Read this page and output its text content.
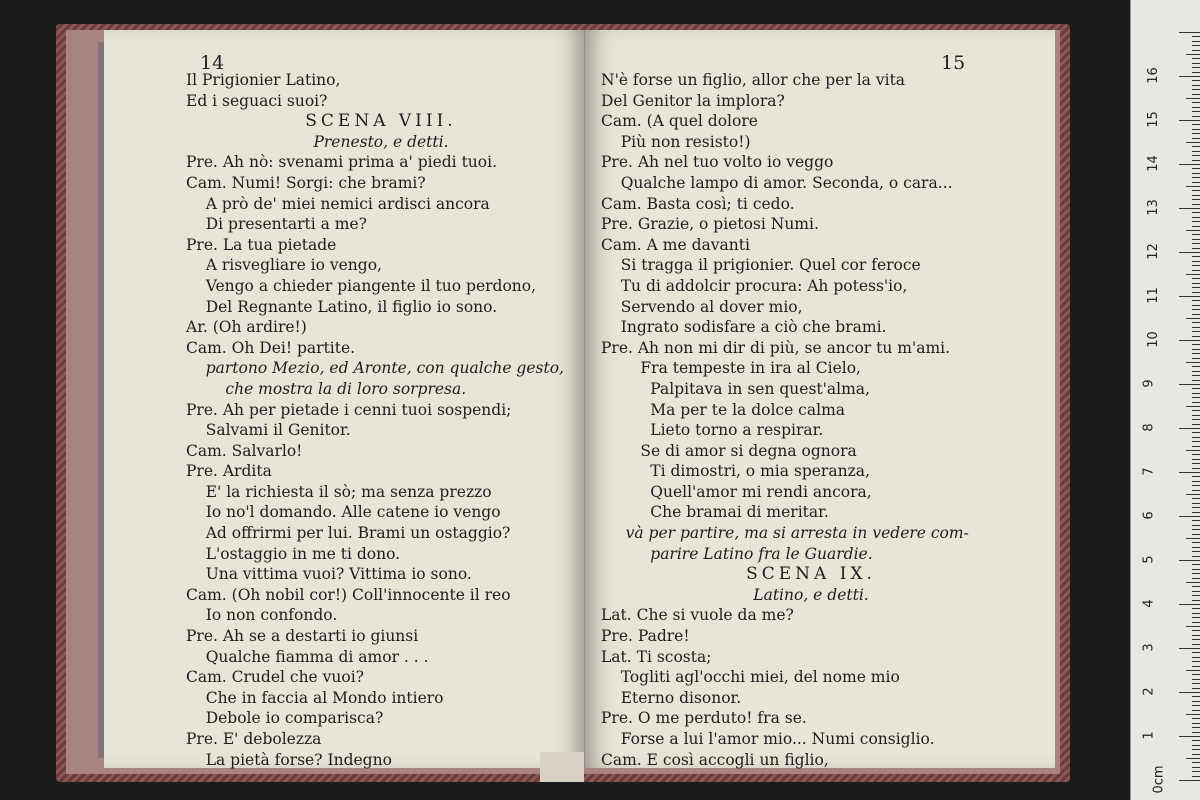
14
Il Prigionier Latino,
Ed i seguaci suoi?
SCENA VIII.
Prenesto, e detti.
Pre. Ah nò: svenami prima a' piedi tuoi.
Cam. Numi! Sorgi: che brami?
A prò de' miei nemici ardisci ancora
Di presentarti a me?
Pre. La tua pietade
A risvegliare io vengo,
Vengo a chieder piangente il tuo perdono,
Del Regnante Latino, il figlio io sono.
Ar. (Oh ardire!)
Cam. Oh Dei! partite.
partono Mezio, ed Aronte, con qualche gesto,
che mostra la di loro sorpresa.
Pre. Ah per pietade i cenni tuoi sospendi;
Salvami il Genitor.
Cam. Salvarlo!
Pre. Ardita
E' la richiesta il sò; ma senza prezzo
Io no'l domando. Alle catene io vengo
Ad offrirmi per lui. Brami un ostaggio?
L'ostaggio in me ti dono.
Una vittima vuoi? Vittima io sono.
Cam. (Oh nobil cor!) Coll'innocente il reo
Io non confondo.
Pre. Ah se a destarti io giunsi
Qualche fiamma di amor . . .
Cam. Crudel che vuoi?
Che in faccia al Mondo intiero
Debole io comparisca?
Pre. E' debolezza
La pietà forse? Indegno
15
N'è forse un figlio, allor che per la vita
Del Genitor la implora?
Cam. (A quel dolore
Più non resisto!)
Pre. Ah nel tuo volto io veggo
Qualche lampo di amor. Seconda, o cara...
Cam. Basta così; ti cedo.
Pre. Grazie, o pietosi Numi.
Cam. A me davanti
Si tragga il prigionier. Quel cor feroce
Tu di addolcir procura: Ah potess'io,
Servendo al dover mio,
Ingrato sodisfare a ciò che brami.
Pre. Ah non mi dir di più, se ancor tu m'ami.
Fra tempeste in ira al Cielo,
Palpitava in sen quest'alma,
Ma per te la dolce calma
Lieto torno a respirar.
Se di amor si degna ognora
Ti dimostri, o mia speranza,
Quell'amor mi rendi ancora,
Che bramai di meritar.
và per partire, ma si arresta in vedere com-
parire Latino fra le Guardie.
SCENA IX.
Latino, e detti.
Lat. Che si vuole da me?
Pre. Padre!
Lat. Ti scosta;
Togliti agl'occhi miei, del nome mio
Eterno disonor.
Pre. O me perduto! fra se.
Forse a lui l'amor mio... Numi consiglio.
Cam. E così accogli un figlio,
0cm
1
2
3
4
5
6
7
8
9
10
11
12
13
14
15
16
